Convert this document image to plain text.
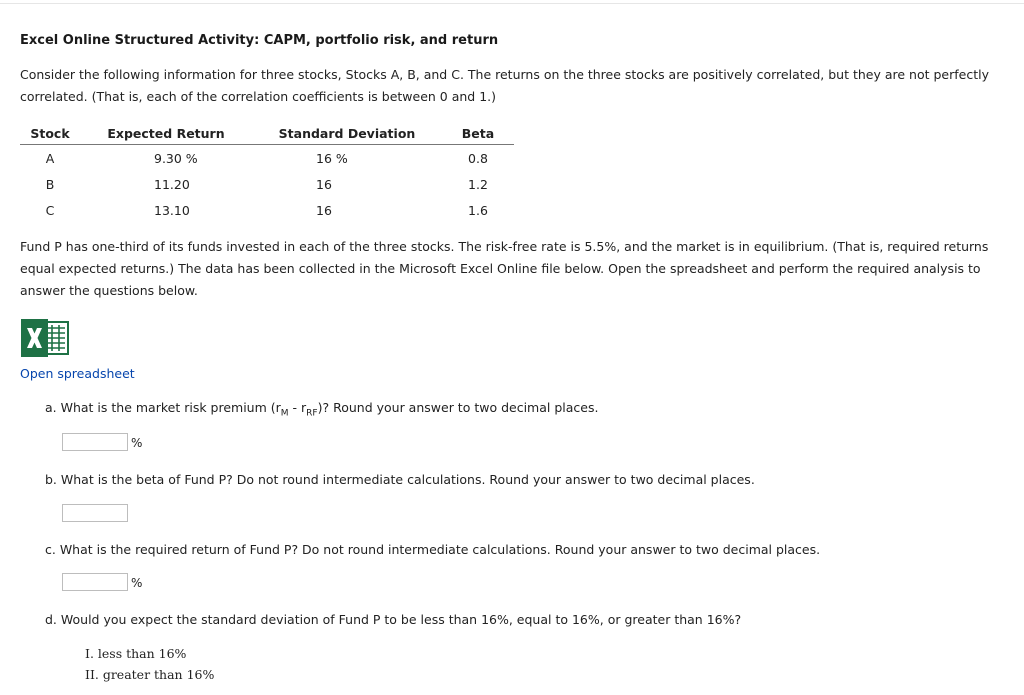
Excel Online Structured Activity: CAPM, portfolio risk, and return
Consider the following information for three stocks, Stocks A, B, and C. The returns on the three stocks are positively correlated, but they are not perfectly correlated. (That is, each of the correlation coefficients is between 0 and 1.)
Stock	Expected Return	Standard Deviation	Beta
A	9.30 %	16 %	0.8
B	11.20	16	1.2
C	13.10	16	1.6
Fund P has one-third of its funds invested in each of the three stocks. The risk-free rate is 5.5%, and the market is in equilibrium. (That is, required returns equal expected returns.) The data has been collected in the Microsoft Excel Online file below. Open the spreadsheet and perform the required analysis to answer the questions below.
Open spreadsheet
a. What is the market risk premium $(r_M - r_{RF})$? Round your answer to two decimal places.
%
b. What is the beta of Fund P? Do not round intermediate calculations. Round your answer to two decimal places.
c. What is the required return of Fund P? Do not round intermediate calculations. Round your answer to two decimal places.
%
d. Would you expect the standard deviation of Fund P to be less than 16%, equal to 16%, or greater than 16%?
I. less than 16%
II. greater than 16%
